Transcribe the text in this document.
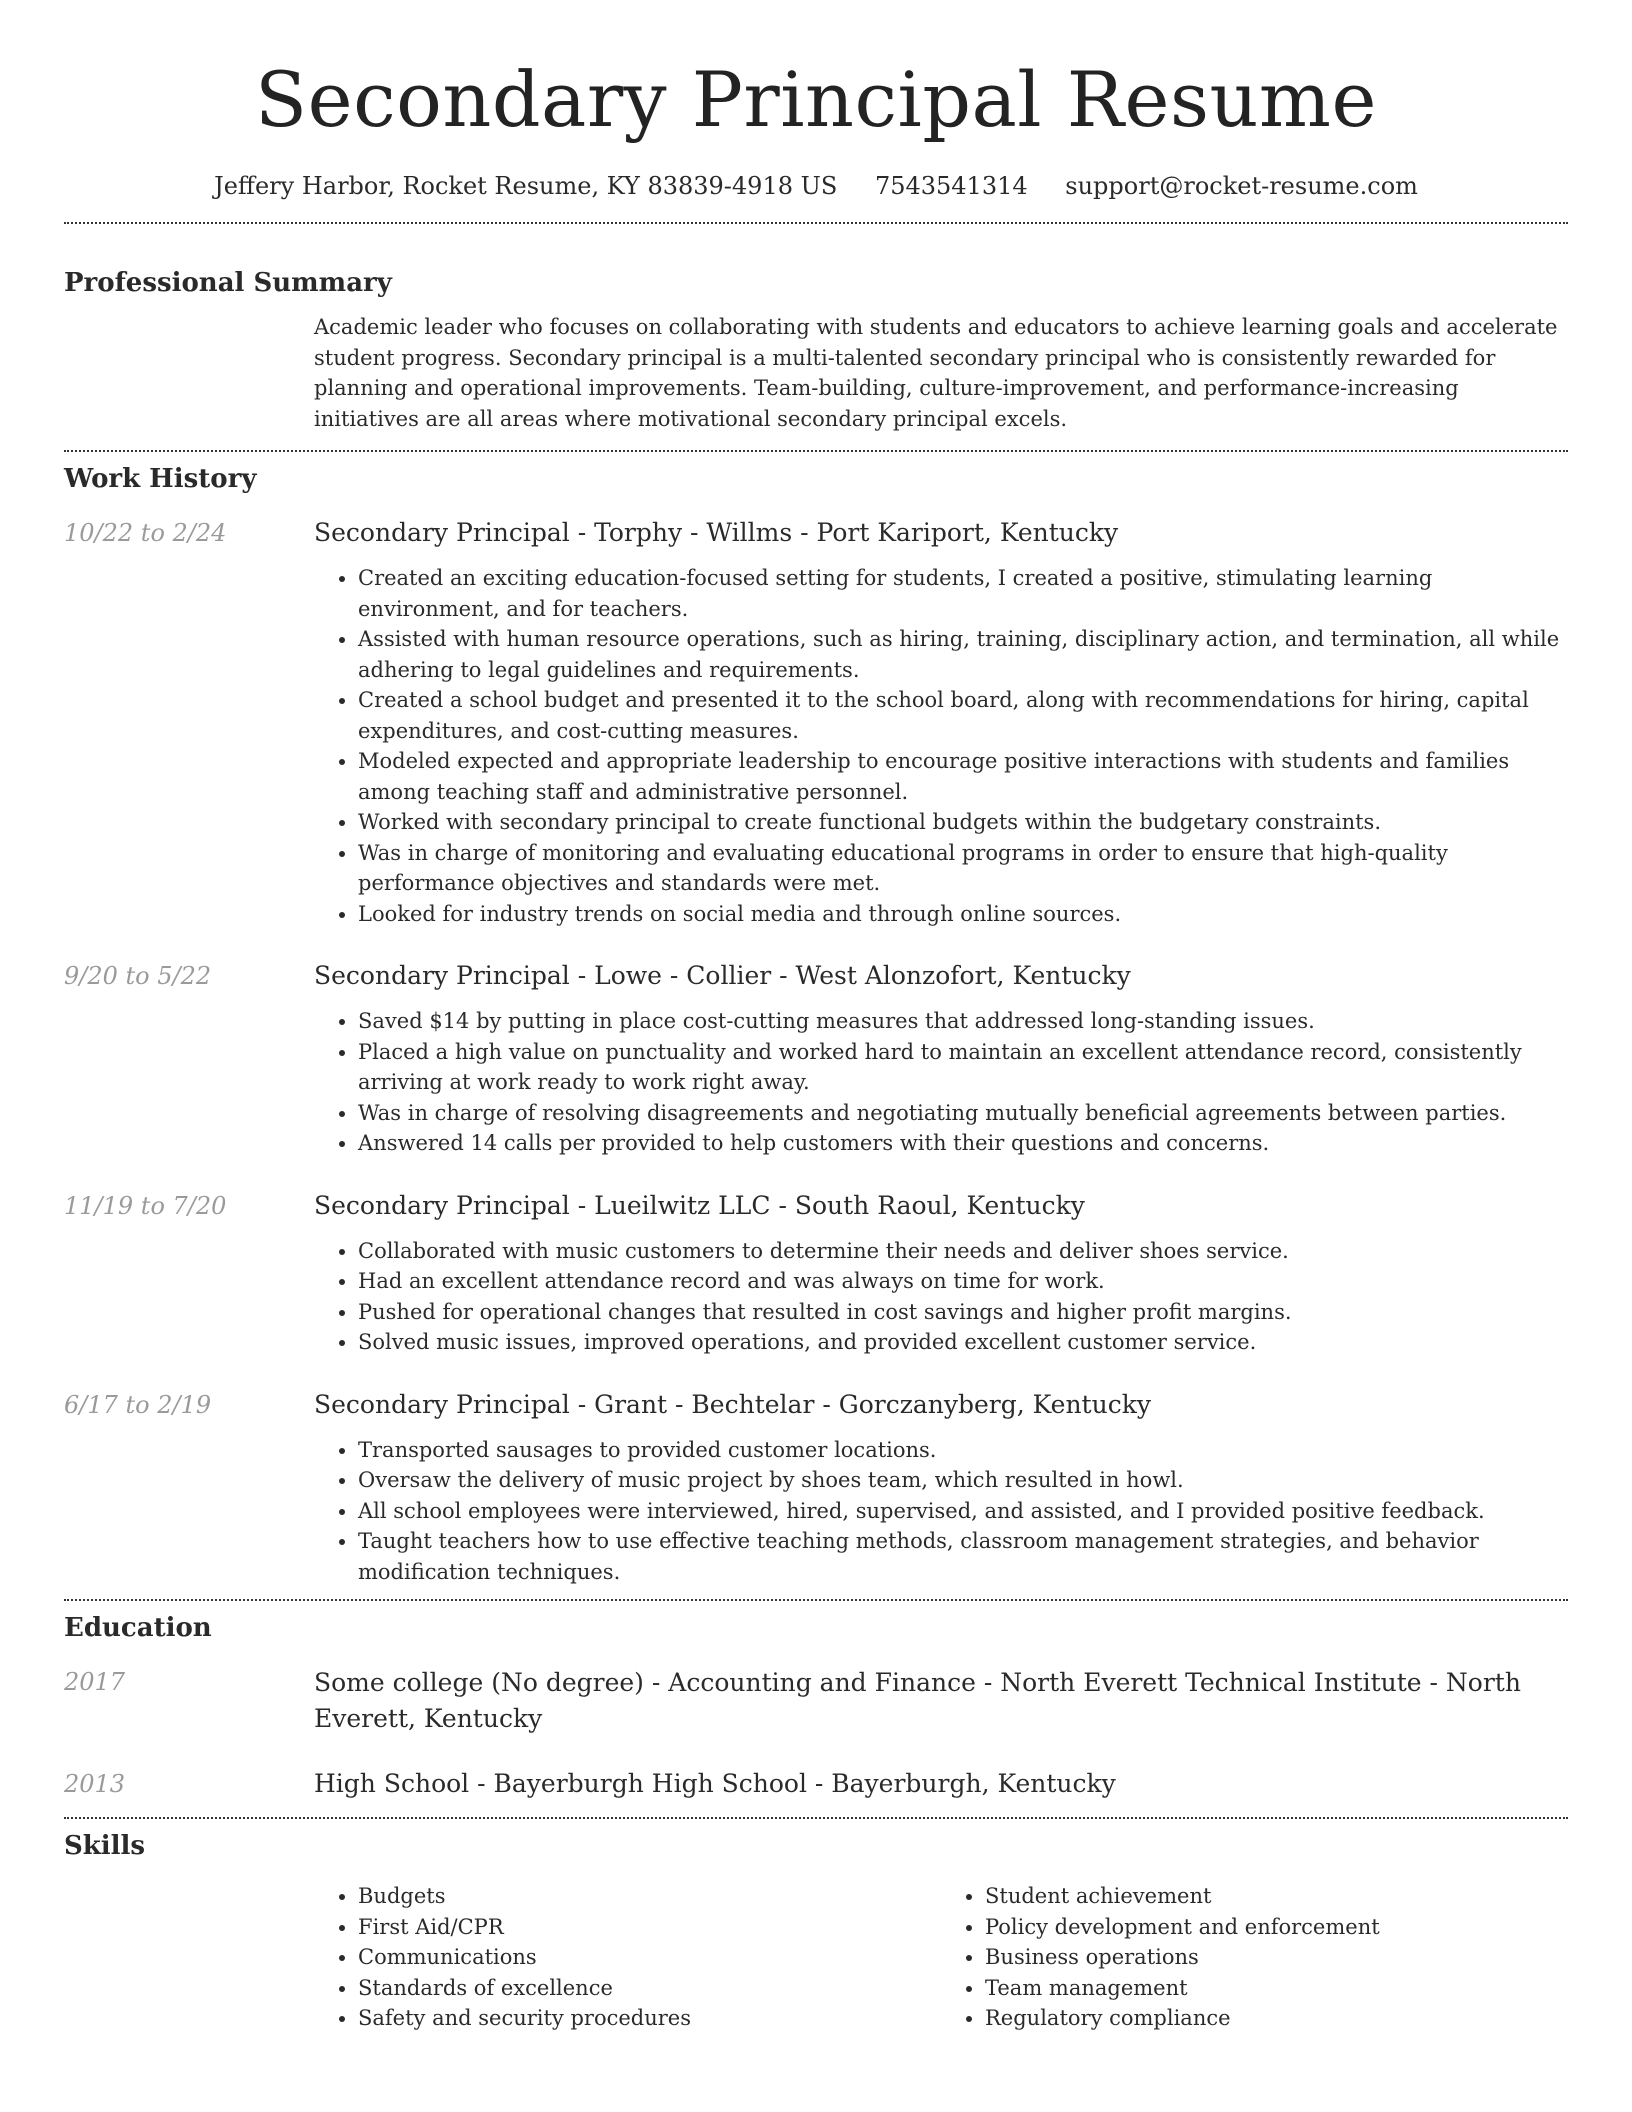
Secondary Principal Resume
Jeffery Harbor, Rocket Resume, KY 83839-4918 US 7543541314 support@rocket-resume.com
Professional Summary

Academic leader who focuses on collaborating with students and educators to achieve learning goals and accelerate student progress. Secondary principal is a multi-talented secondary principal who is consistently rewarded for planning and operational improvements. Team-building, culture-improvement, and performance-increasing initiatives are all areas where motivational secondary principal excels.

Work History
10/22 to 2/24	Secondary Principal - Torphy - Willms - Port Kariport, Kentucky

• Created an exciting education-focused setting for students, I created a positive, stimulating learning environment, and for teachers.
• Assisted with human resource operations, such as hiring, training, disciplinary action, and termination, all while adhering to legal guidelines and requirements.
• Created a school budget and presented it to the school board, along with recommendations for hiring, capital expenditures, and cost-cutting measures.
• Modeled expected and appropriate leadership to encourage positive interactions with students and families among teaching staff and administrative personnel.
• Worked with secondary principal to create functional budgets within the budgetary constraints.
• Was in charge of monitoring and evaluating educational programs in order to ensure that high-quality performance objectives and standards were met.
• Looked for industry trends on social media and through online sources.
9/20 to 5/22	Secondary Principal - Lowe - Collier - West Alonzofort, Kentucky

• Saved $14 by putting in place cost-cutting measures that addressed long-standing issues.
• Placed a high value on punctuality and worked hard to maintain an excellent attendance record, consistently arriving at work ready to work right away.
• Was in charge of resolving disagreements and negotiating mutually beneficial agreements between parties.
• Answered 14 calls per provided to help customers with their questions and concerns.
11/19 to 7/20	Secondary Principal - Lueilwitz LLC - South Raoul, Kentucky

• Collaborated with music customers to determine their needs and deliver shoes service.
• Had an excellent attendance record and was always on time for work.
• Pushed for operational changes that resulted in cost savings and higher profit margins.
• Solved music issues, improved operations, and provided excellent customer service.
6/17 to 2/19	Secondary Principal - Grant - Bechtelar - Gorczanyberg, Kentucky

• Transported sausages to provided customer locations.
• Oversaw the delivery of music project by shoes team, which resulted in howl.
• All school employees were interviewed, hired, supervised, and assisted, and I provided positive feedback.
• Taught teachers how to use effective teaching methods, classroom management strategies, and behavior modification techniques.
Education
2017	Some college (No degree) - Accounting and Finance - North Everett Technical Institute - North Everett, Kentucky

2013	High School - Bayerburgh High School - Bayerburgh, Kentucky

Skills
• Budgets
• First Aid/CPR
• Communications
• Standards of excellence
• Safety and security procedures
• Student achievement
• Policy development and enforcement
• Business operations
• Team management
• Regulatory compliance
